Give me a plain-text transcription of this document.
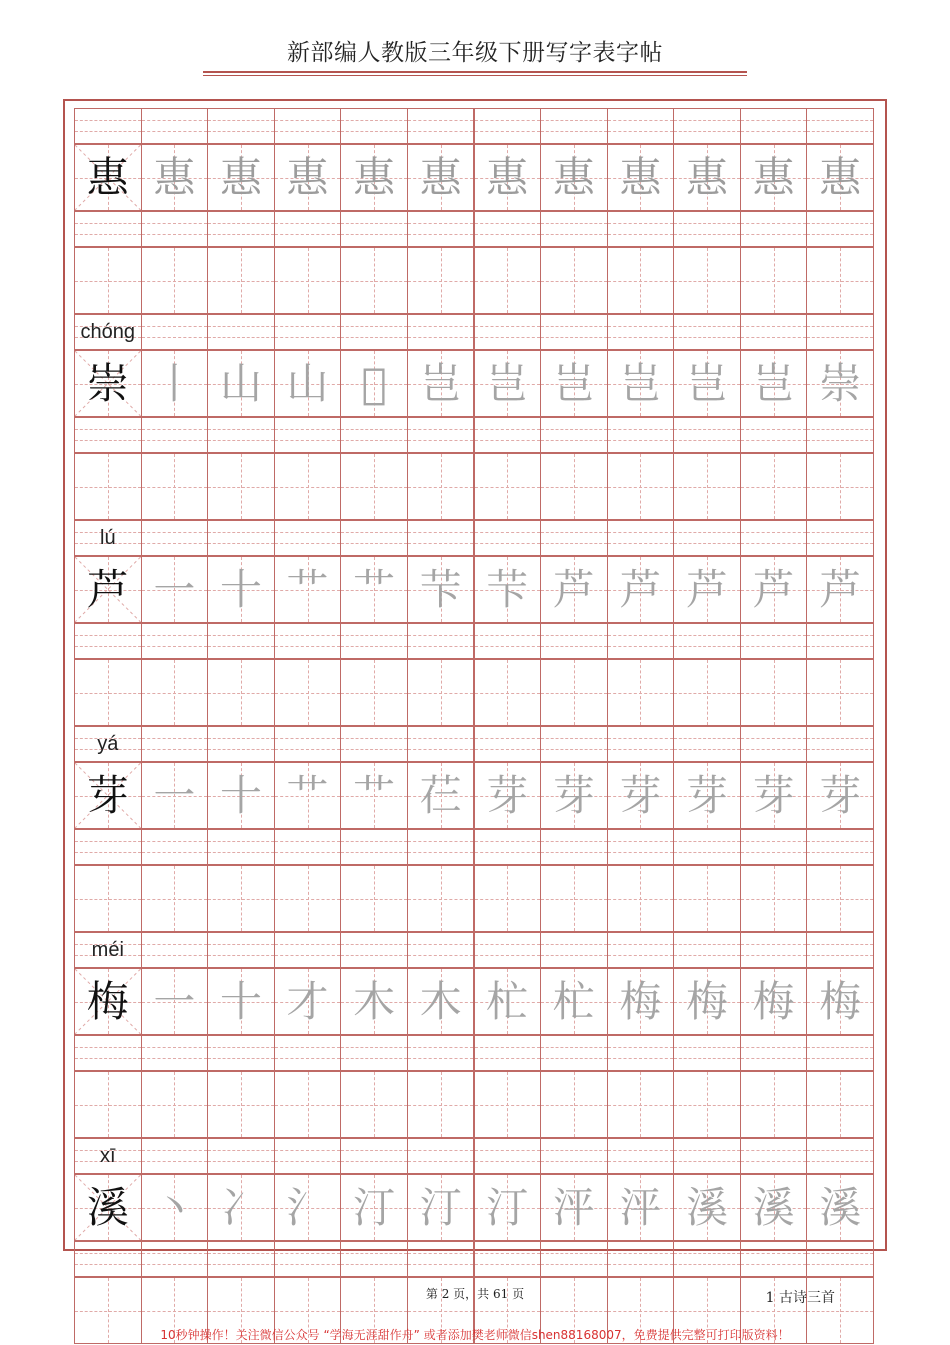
新部编人教版三年级下册写字表字帖
惠 惠 惠 惠 惠 惠 惠 惠 惠 惠 惠 惠
chóng
崇 丨 山 山 𡶀 岂 岂 岂 岂 岂 岂 崇
lú
芦 一 十 艹 艹 芐 芐 芦 芦 芦 芦 芦
yá
芽 一 十 艹 艹 芢 芽 芽 芽 芽 芽 芽
méi
梅 一 十 才 木 木 杧 杧 梅 梅 梅 梅
xī
溪 丶 冫 氵 汀 汀 汀 泙 泙 溪 溪 溪
第 2 页，共 61 页	1 古诗三首
10秒钟操作！关注微信公众号 “学海无涯甜作舟” 或者添加樊老师微信shen88168007，免费提供完整可打印版资料！
